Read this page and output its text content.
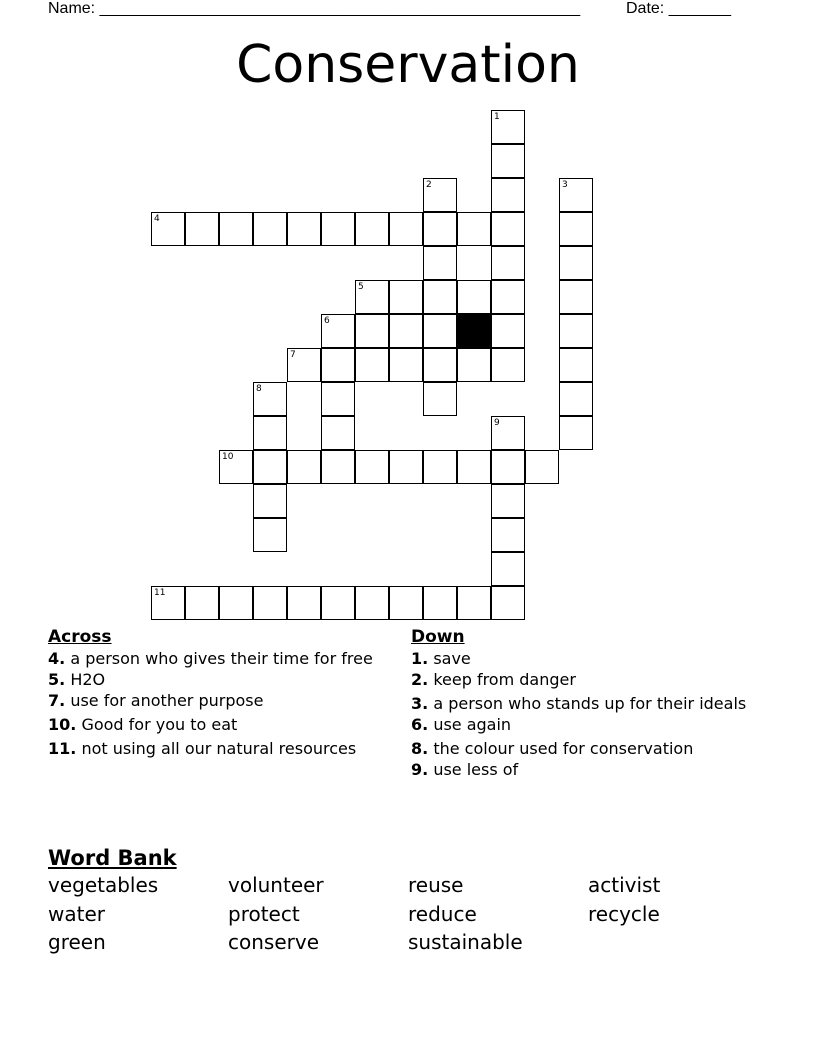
Name: ______________________________________________________	Date: _______
Conservation
4
5
7
10
11
1
2	3
6
8
9
Across
4. a person who gives their time for free
5. H2O
7. use for another purpose
10. Good for you to eat
11. not using all our natural resources
Down
1. save
2. keep from danger
3. a person who stands up for their ideals
6. use again
8. the colour used for conservation
9. use less of
Word Bank
vegetables	volunteer	reuse	activist
water	protect	reduce	recycle
green	conserve	sustainable
